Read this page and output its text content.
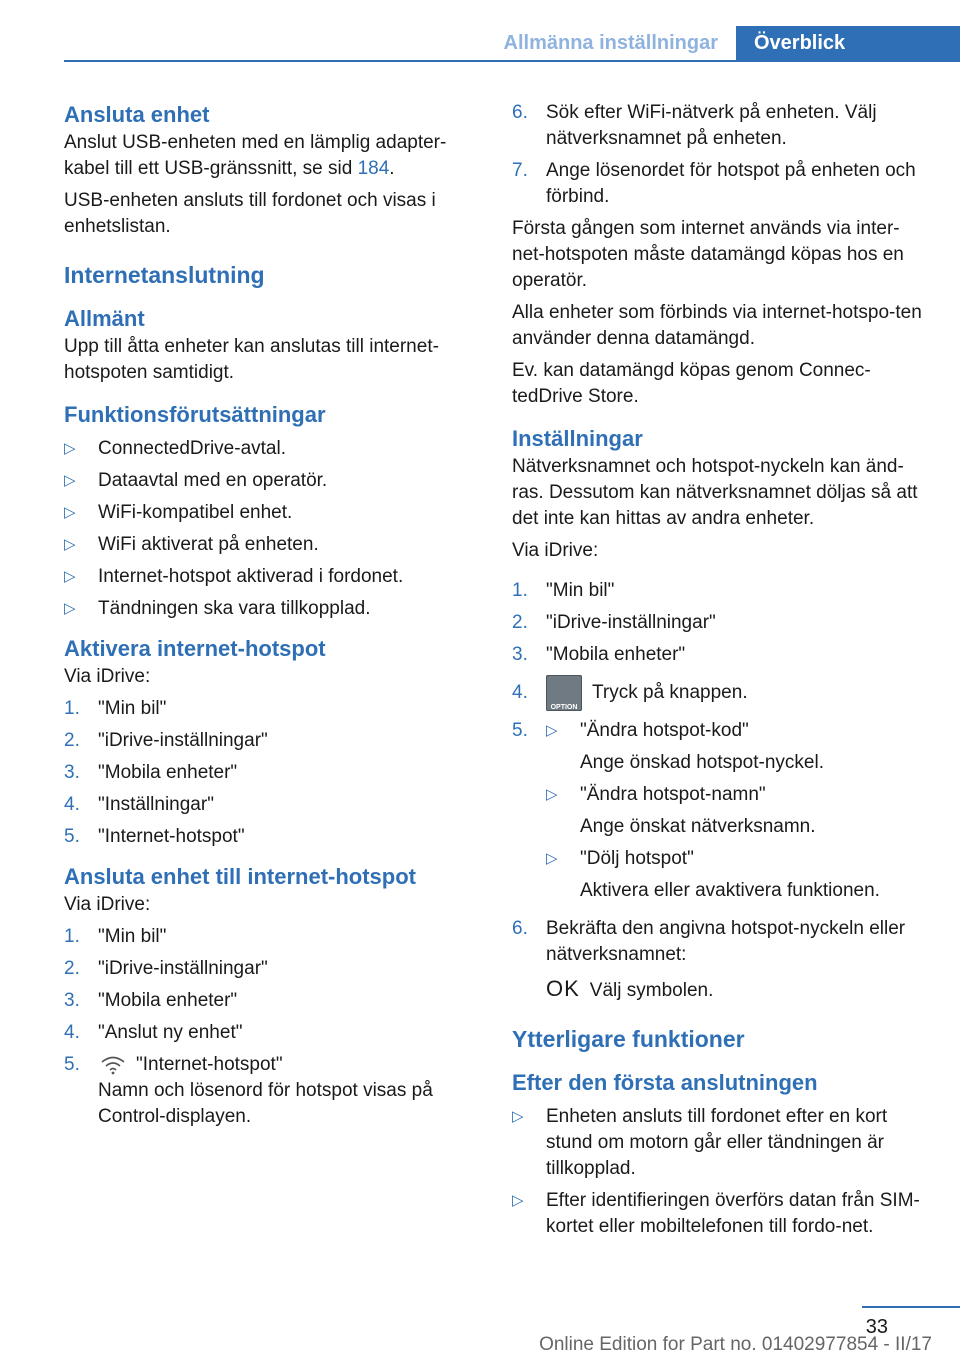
Allmänna inställningar	Överblick
Ansluta enhet

Anslut USB-enheten med en lämplig adapter-kabel till ett USB-gränssnitt, se sid 184.

USB-enheten ansluts till fordonet och visas i enhetslistan.

Internetanslutning
Allmänt

Upp till åtta enheter kan anslutas till internet-hotspoten samtidigt.

Funktionsförutsättningar
▷	ConnectedDrive-avtal.
▷	Dataavtal med en operatör.
▷	WiFi-kompatibel enhet.
▷	WiFi aktiverat på enheten.
▷	Internet-hotspot aktiverad i fordonet.
▷	Tändningen ska vara tillkopplad.
Aktivera internet-hotspot

Via iDrive:

1. "Min bil"
2. "iDrive-inställningar"
3. "Mobila enheter"
4. "Inställningar"
5. "Internet-hotspot"
Ansluta enhet till internet-hotspot

Via iDrive:

1. "Min bil"
2. "iDrive-inställningar"
3. "Mobila enheter"
4. "Anslut ny enhet"
5.	"Internet-hotspot"
Namn och lösenord för hotspot visas på Control-displayen.
6. Sök efter WiFi-nätverk på enheten. Välj nätverksnamnet på enheten.
7. Ange lösenordet för hotspot på enheten och förbind.

Första gången som internet används via inter-net-hotspoten måste datamängd köpas hos en operatör.

Alla enheter som förbinds via internet-hotspo-ten använder denna datamängd.

Ev. kan datamängd köpas genom Connec-tedDrive Store.

Inställningar

Nätverksnamnet och hotspot-nyckeln kan änd-ras. Dessutom kan nätverksnamnet döljas så att det inte kan hittas av andra enheter.

Via iDrive:

1. "Min bil"
2. "iDrive-inställningar"
3. "Mobila enheter"
4.
OPTION
Tryck på knappen.
5.	▷	"Ändra hotspot-kod"
Ange önskad hotspot-nyckel.
▷	"Ändra hotspot-namn"
Ange önskat nätverksnamn.
▷	"Dölj hotspot"
Aktivera eller avaktivera funktionen.
6. Bekräfta den angivna hotspot-nyckeln eller nätverksnamnet:
OK Välj symbolen.
Ytterligare funktioner
Efter den första anslutningen
▷	Enheten ansluts till fordonet efter en kort stund om motorn går eller tändningen är tillkopplad.
▷	Efter identifieringen överförs datan från SIM-kortet eller mobiltelefonen till fordo-net.
33
Online Edition for Part no. 01402977854 - II/17
